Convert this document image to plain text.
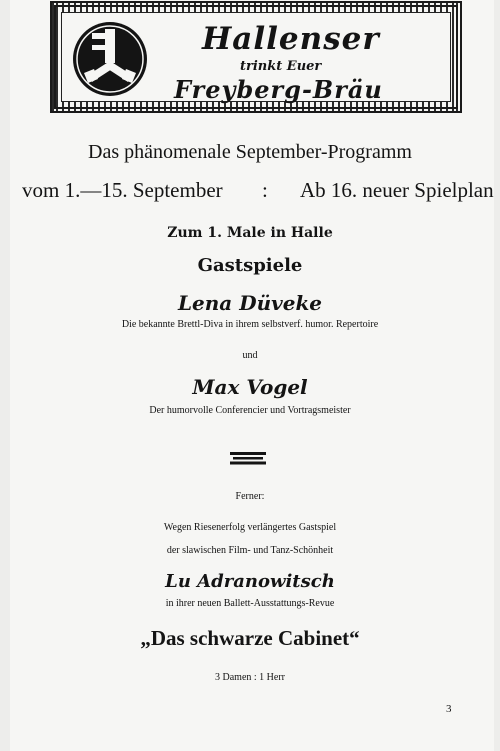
Hallenser

trinkt Euer

Freyberg-Bräu

Das phänomenale September-Programm

vom 1.—15. September : Ab 16. neuer Spielplan

Zum 1. Male in Halle

Gastspiele

Lena Düveke

Die bekannte Brettl-Diva in ihrem selbstverf. humor. Repertoire

und

Max Vogel

Der humorvolle Conferencier und Vortragsmeister

Ferner:

Wegen Riesenerfolg verlängertes Gastspiel

der slawischen Film- und Tanz-Schönheit

Lu Adranowitsch

in ihrer neuen Ballett-Ausstattungs-Revue

„Das schwarze Cabinet“

3 Damen : 1 Herr

3
